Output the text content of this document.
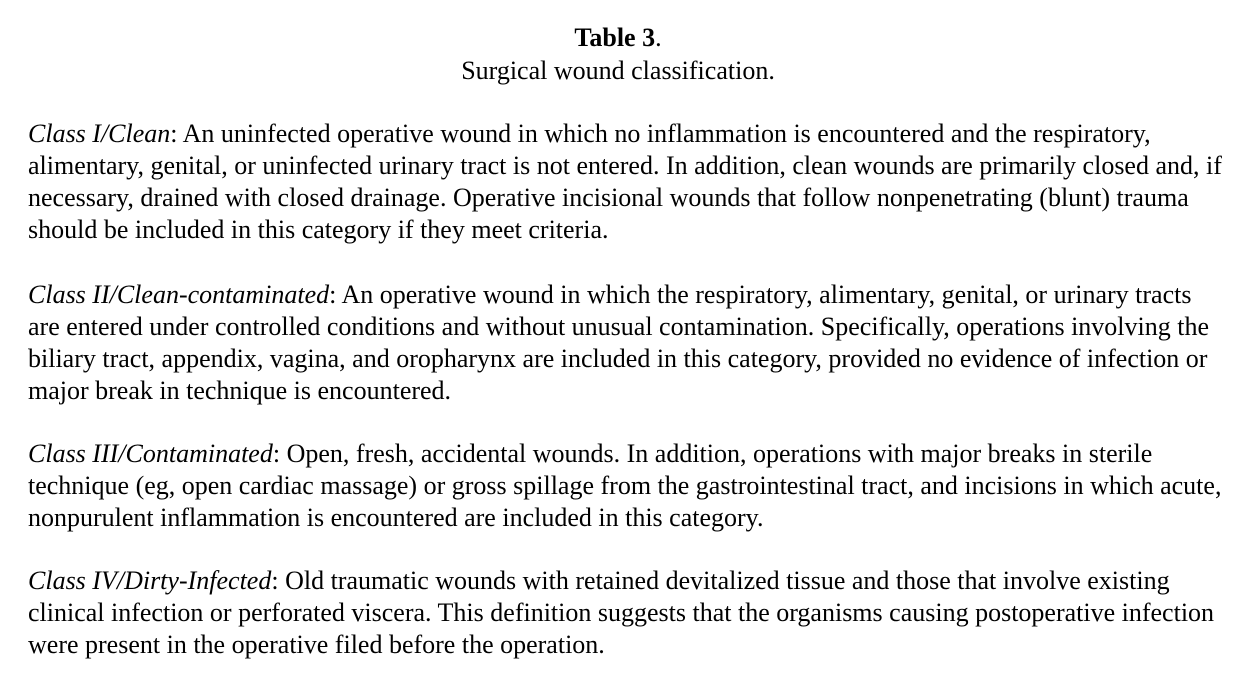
Table 3.
Surgical wound classification.

Class I/Clean: An uninfected operative wound in which no inflammation is encountered and the respiratory, alimentary, genital, or uninfected urinary tract is not entered. In addition, clean wounds are primarily closed and, if necessary, drained with closed drainage. Operative incisional wounds that follow nonpenetrating (blunt) trauma should be included in this category if they meet criteria.

Class II/Clean-contaminated: An operative wound in which the respiratory, alimentary, genital, or urinary tracts are entered under controlled conditions and without unusual contamination. Specifically, operations involving the biliary tract, appendix, vagina, and oropharynx are included in this category, provided no evidence of infection or major break in technique is encountered.

Class III/Contaminated: Open, fresh, accidental wounds. In addition, operations with major breaks in sterile technique (eg, open cardiac massage) or gross spillage from the gastrointestinal tract, and incisions in which acute, nonpurulent inflammation is encountered are included in this category.

Class IV/Dirty-Infected: Old traumatic wounds with retained devitalized tissue and those that involve existing clinical infection or perforated viscera. This definition suggests that the organisms causing postoperative infection were present in the operative filed before the operation.
